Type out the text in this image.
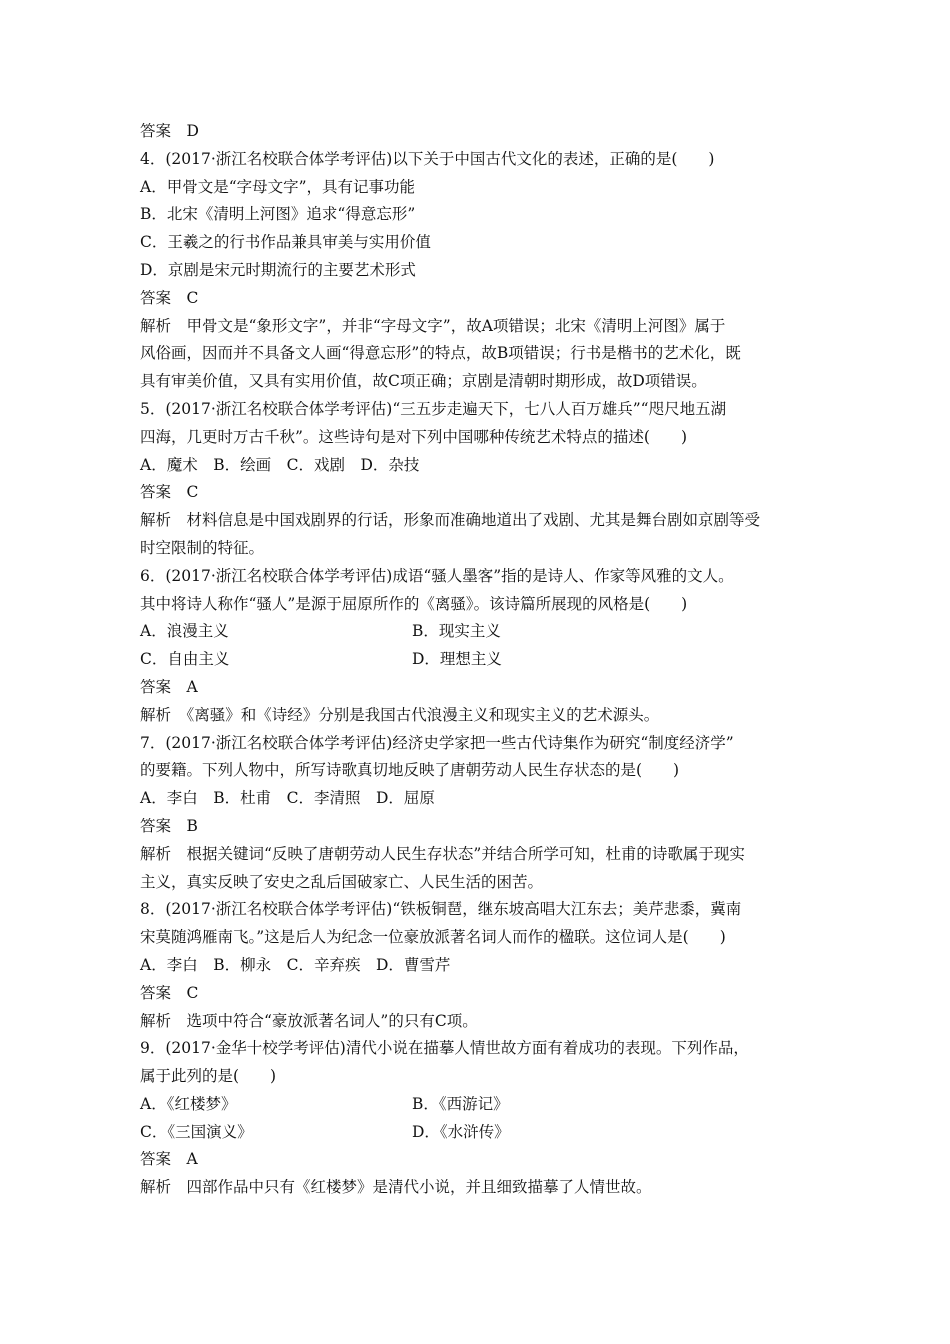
答案　D
4．(2017·浙江名校联合体学考评估)以下关于中国古代文化的表述，正确的是(　　)
A．甲骨文是“字母文字”，具有记事功能
B．北宋《清明上河图》追求“得意忘形”
C．王羲之的行书作品兼具审美与实用价值
D．京剧是宋元时期流行的主要艺术形式
答案　C
解析　甲骨文是“象形文字”，并非“字母文字”，故A项错误；北宋《清明上河图》属于
风俗画，因而并不具备文人画“得意忘形”的特点，故B项错误；行书是楷书的艺术化，既
具有审美价值，又具有实用价值，故C项正确；京剧是清朝时期形成，故D项错误。
5．(2017·浙江名校联合体学考评估)“三五步走遍天下，七八人百万雄兵”“咫尺地五湖
四海，几更时万古千秋”。这些诗句是对下列中国哪种传统艺术特点的描述(　　)
A．魔术　B．绘画　C．戏剧　D．杂技
答案　C
解析　材料信息是中国戏剧界的行话，形象而准确地道出了戏剧、尤其是舞台剧如京剧等受
时空限制的特征。
6．(2017·浙江名校联合体学考评估)成语“骚人墨客”指的是诗人、作家等风雅的文人。
其中将诗人称作“骚人”是源于屈原所作的《离骚》。该诗篇所展现的风格是(　　)
A．浪漫主义	B．现实主义
C．自由主义	D．理想主义
答案　A
解析　《离骚》和《诗经》分别是我国古代浪漫主义和现实主义的艺术源头。
7．(2017·浙江名校联合体学考评估)经济史学家把一些古代诗集作为研究“制度经济学”
的要籍。下列人物中，所写诗歌真切地反映了唐朝劳动人民生存状态的是(　　)
A．李白　B．杜甫　C．李清照　D．屈原
答案　B
解析　根据关键词“反映了唐朝劳动人民生存状态”并结合所学可知，杜甫的诗歌属于现实
主义，真实反映了安史之乱后国破家亡、人民生活的困苦。
8．(2017·浙江名校联合体学考评估)“铁板铜琶，继东坡高唱大江东去；美芹悲黍，冀南
宋莫随鸿雁南飞。”这是后人为纪念一位豪放派著名词人而作的楹联。这位词人是(　　)
A．李白　B．柳永　C．辛弃疾　D．曹雪芹
答案　C
解析　选项中符合“豪放派著名词人”的只有C项。
9．(2017·金华十校学考评估)清代小说在描摹人情世故方面有着成功的表现。下列作品，
属于此列的是(　　)
A．《红楼梦》	B．《西游记》
C．《三国演义》	D．《水浒传》
答案　A
解析　四部作品中只有《红楼梦》是清代小说，并且细致描摹了人情世故。
